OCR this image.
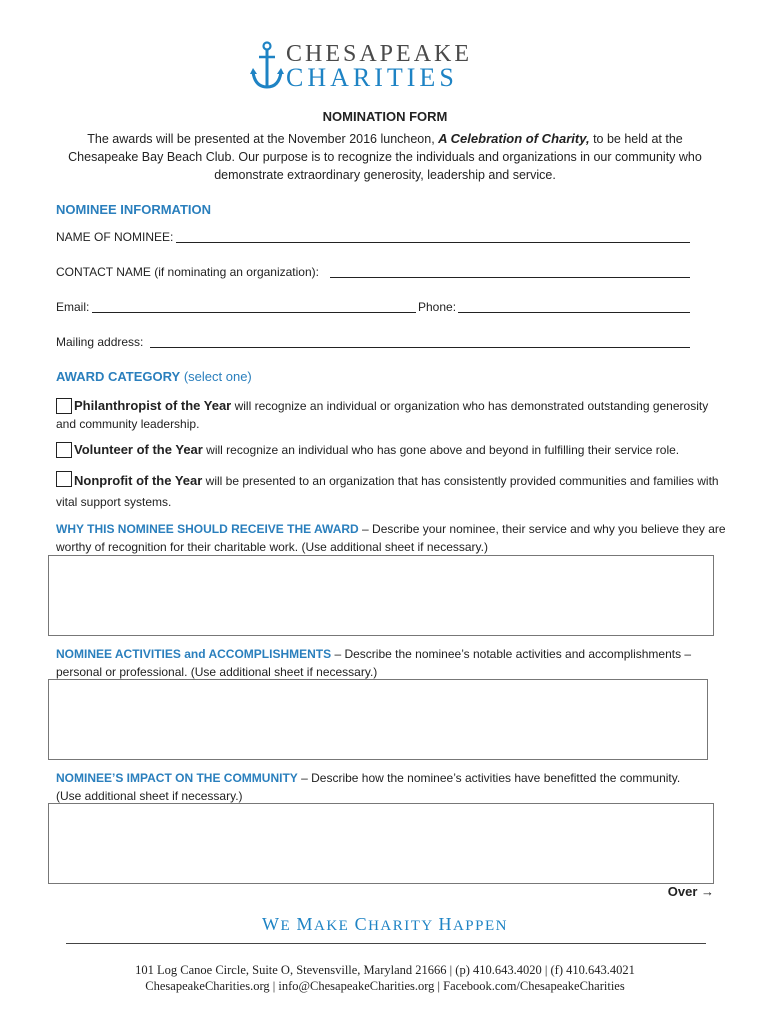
CHESAPEAKE
CHARITIES
NOMINATION FORM
The awards will be presented at the November 2016 luncheon, A Celebration of Charity, to be held at the Chesapeake Bay Beach Club. Our purpose is to recognize the individuals and organizations in our community who demonstrate extraordinary generosity, leadership and service.
NOMINEE INFORMATION
NAME OF NOMINEE:
CONTACT NAME (if nominating an organization):
Email:	Phone:
Mailing address:
AWARD CATEGORY (select one)
Philanthropist of the Year will recognize an individual or organization who has demonstrated outstanding generosity and community leadership.
Volunteer of the Year will recognize an individual who has gone above and beyond in fulfilling their service role.
Nonprofit of the Year will be presented to an organization that has consistently provided communities and families with vital support systems.
WHY THIS NOMINEE SHOULD RECEIVE THE AWARD – Describe your nominee, their service and why you believe they are worthy of recognition for their charitable work. (Use additional sheet if necessary.)
NOMINEE ACTIVITIES and ACCOMPLISHMENTS – Describe the nominee’s notable activities and accomplishments – personal or professional. (Use additional sheet if necessary.)
NOMINEE’S IMPACT ON THE COMMUNITY – Describe how the nominee’s activities have benefitted the community. (Use additional sheet if necessary.)
Over →
WE MAKE CHARITY HAPPEN
101 Log Canoe Circle, Suite O, Stevensville, Maryland 21666 | (p) 410.643.4020 | (f) 410.643.4021
ChesapeakeCharities.org | info@ChesapeakeCharities.org | Facebook.com/ChesapeakeCharities
